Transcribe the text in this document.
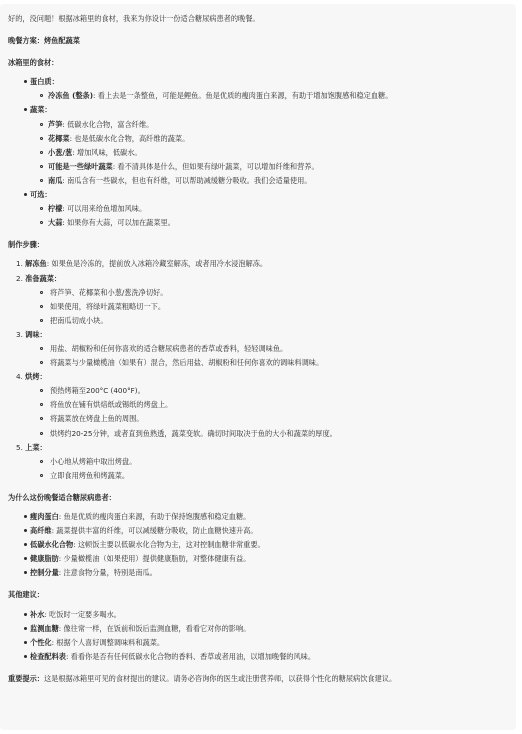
好的，没问题！根据冰箱里的食材，我来为你设计一份适合糖尿病患者的晚餐。

晚餐方案：烤鱼配蔬菜

冰箱里的食材：

蛋白质：
冷冻鱼 (整条): 看上去是一条整鱼，可能是鲤鱼。鱼是优质的瘦肉蛋白来源，有助于增加饱腹感和稳定血糖。
蔬菜：
芦笋: 低碳水化合物，富含纤维。
花椰菜: 也是低碳水化合物，高纤维的蔬菜。
小葱/葱: 增加风味，低碳水。
可能是一些绿叶蔬菜: 看不清具体是什么，但如果有绿叶蔬菜，可以增加纤维和营养。
南瓜: 南瓜含有一些碳水，但也有纤维，可以帮助减缓糖分吸收。我们会适量使用。
可选：
柠檬: 可以用来给鱼增加风味。
大蒜: 如果你有大蒜，可以加在蔬菜里。

制作步骤：

1. 解冻鱼: 如果鱼是冷冻的，提前放入冰箱冷藏室解冻，或者用冷水浸泡解冻。
2. 准备蔬菜：
将芦笋、花椰菜和小葱/葱洗净切好。
如果使用，将绿叶蔬菜粗略切一下。
把南瓜切成小块。
3. 调味：
用盐、胡椒粉和任何你喜欢的适合糖尿病患者的香草或香料，轻轻调味鱼。
将蔬菜与少量橄榄油（如果有）混合，然后用盐、胡椒粉和任何你喜欢的调味料调味。
4. 烘烤：
预热烤箱至200°C (400°F)。
将鱼放在铺有烘焙纸或锡纸的烤盘上。
将蔬菜放在烤盘上鱼的周围。
烘烤约20-25分钟，或者直到鱼熟透，蔬菜变软。确切时间取决于鱼的大小和蔬菜的厚度。
5. 上菜：
小心地从烤箱中取出烤盘。
立即食用烤鱼和烤蔬菜。

为什么这份晚餐适合糖尿病患者：

瘦肉蛋白: 鱼是优质的瘦肉蛋白来源，有助于保持饱腹感和稳定血糖。
高纤维: 蔬菜提供丰富的纤维，可以减缓糖分吸收，防止血糖快速升高。
低碳水化合物: 这顿饭主要以低碳水化合物为主，这对控制血糖非常重要。
健康脂肪: 少量橄榄油（如果使用）提供健康脂肪，对整体健康有益。
控制分量: 注意食物分量，特别是南瓜。

其他建议：

补水: 吃饭时一定要多喝水。
监测血糖: 像往常一样，在饭前和饭后监测血糖，看看它对你的影响。
个性化: 根据个人喜好调整调味料和蔬菜。
检查配料表: 看看你是否有任何低碳水化合物的香料、香草或者用油，以增加晚餐的风味。

重要提示：这是根据冰箱里可见的食材提出的建议。请务必咨询你的医生或注册营养师，以获得个性化的糖尿病饮食建议。
